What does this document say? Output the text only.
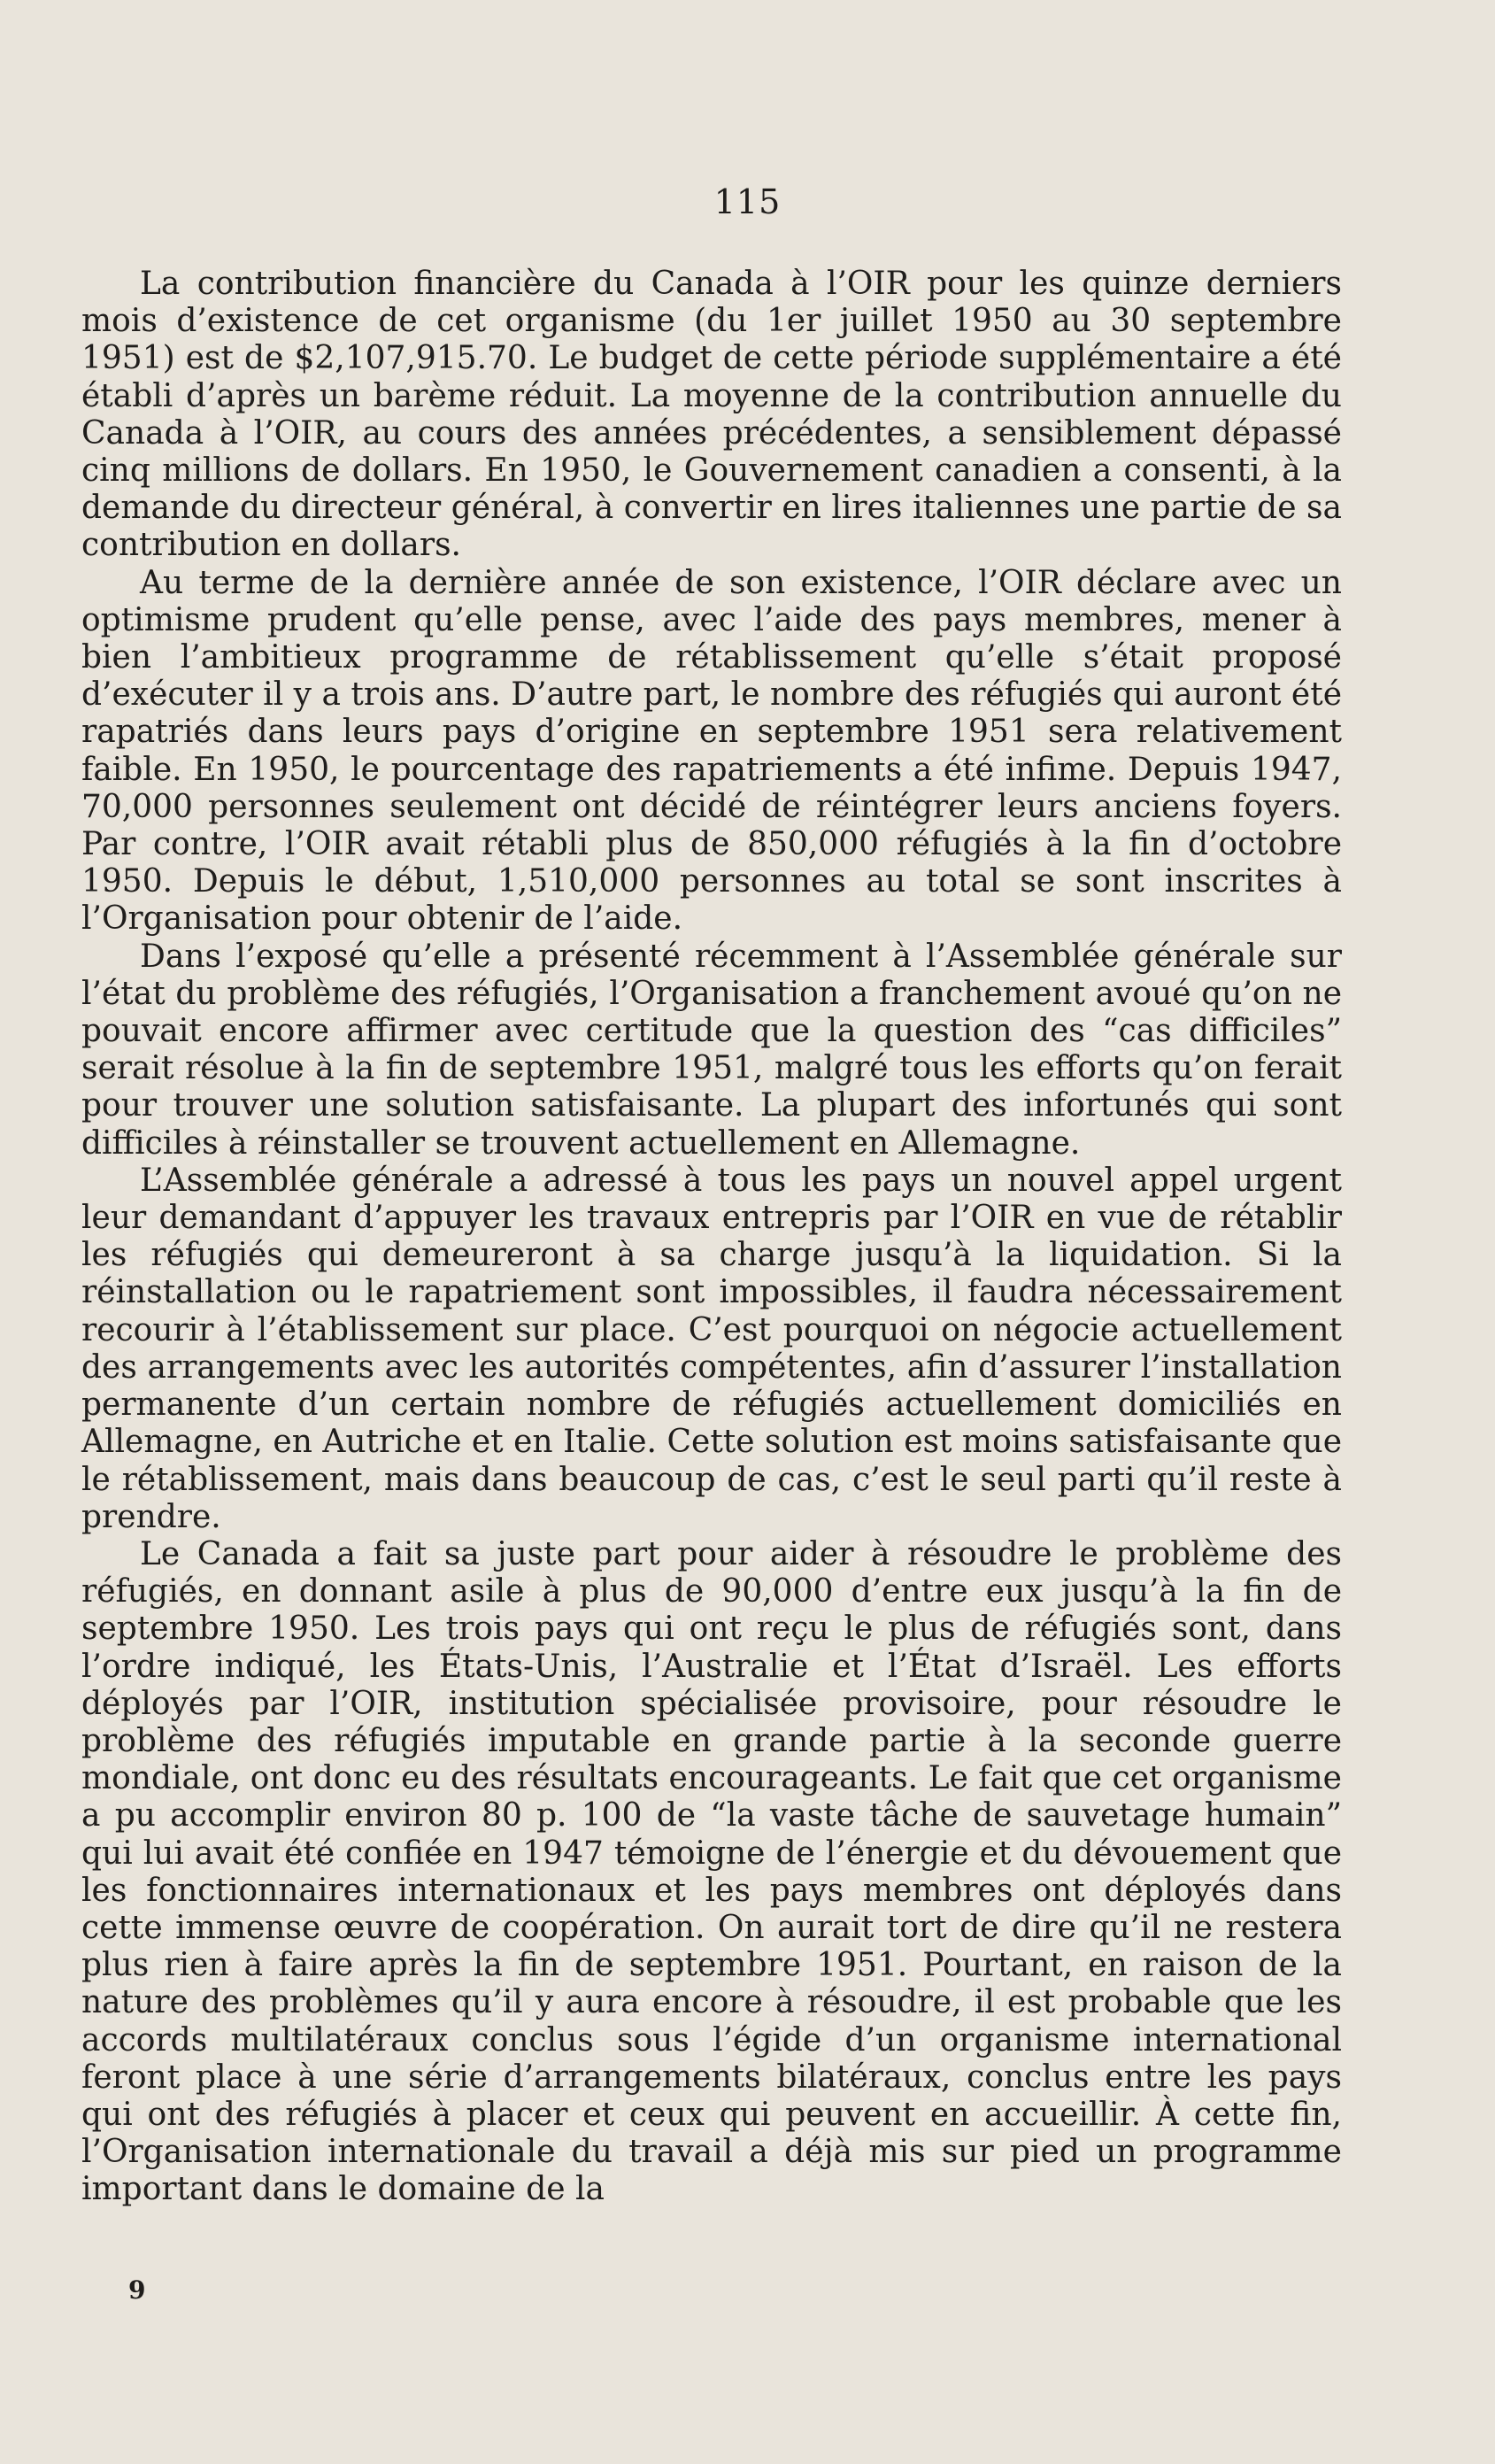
115

La contribution financière du Canada à l’OIR pour les quinze derniers mois d’existence de cet organisme (du 1er juillet 1950 au 30 septembre 1951) est de $2,107,915.70. Le budget de cette période supplémentaire a été établi d’après un barème réduit. La moyenne de la contribution annuelle du Canada à l’OIR, au cours des années précédentes, a sensiblement dépassé cinq millions de dollars. En 1950, le Gouvernement canadien a consenti, à la demande du directeur général, à convertir en lires italiennes une partie de sa contribution en dollars.

Au terme de la dernière année de son existence, l’OIR déclare avec un optimisme prudent qu’elle pense, avec l’aide des pays membres, mener à bien l’ambitieux programme de rétablissement qu’elle s’était proposé d’exécuter il y a trois ans. D’autre part, le nombre des réfugiés qui auront été rapatriés dans leurs pays d’origine en septembre 1951 sera relativement faible. En 1950, le pourcentage des rapatriements a été infime. Depuis 1947, 70,000 personnes seulement ont décidé de réintégrer leurs anciens foyers. Par contre, l’OIR avait rétabli plus de 850,000 réfugiés à la fin d’octobre 1950. Depuis le début, 1,510,000 personnes au total se sont inscrites à l’Organisation pour obtenir de l’aide.

Dans l’exposé qu’elle a présenté récemment à l’Assemblée générale sur l’état du problème des réfugiés, l’Organisation a franchement avoué qu’on ne pouvait encore affirmer avec certitude que la question des “cas difficiles” serait résolue à la fin de septembre 1951, malgré tous les efforts qu’on ferait pour trouver une solution satisfaisante. La plupart des infortunés qui sont difficiles à réinstaller se trouvent actuellement en Allemagne.

L’Assemblée générale a adressé à tous les pays un nouvel appel urgent leur demandant d’appuyer les travaux entrepris par l’OIR en vue de rétablir les réfugiés qui demeureront à sa charge jusqu’à la liquidation. Si la réinstallation ou le rapatriement sont impossibles, il faudra nécessairement recourir à l’établissement sur place. C’est pourquoi on négocie actuellement des arrangements avec les autorités compétentes, afin d’assurer l’installation permanente d’un certain nombre de réfugiés actuellement domiciliés en Allemagne, en Autriche et en Italie. Cette solution est moins satisfaisante que le rétablissement, mais dans beaucoup de cas, c’est le seul parti qu’il reste à prendre.

Le Canada a fait sa juste part pour aider à résoudre le problème des réfugiés, en donnant asile à plus de 90,000 d’entre eux jusqu’à la fin de septembre 1950. Les trois pays qui ont reçu le plus de réfugiés sont, dans l’ordre indiqué, les États-Unis, l’Australie et l’État d’Israël. Les efforts déployés par l’OIR, institution spécialisée provisoire, pour résoudre le problème des réfugiés imputable en grande partie à la seconde guerre mondiale, ont donc eu des résultats encourageants. Le fait que cet organisme a pu accomplir environ 80 p. 100 de “la vaste tâche de sauvetage humain” qui lui avait été confiée en 1947 témoigne de l’énergie et du dévouement que les fonctionnaires internationaux et les pays membres ont déployés dans cette immense œuvre de coopération. On aurait tort de dire qu’il ne restera plus rien à faire après la fin de septembre 1951. Pourtant, en raison de la nature des problèmes qu’il y aura encore à résoudre, il est probable que les accords multilatéraux conclus sous l’égide d’un organisme international feront place à une série d’arrangements bilatéraux, conclus entre les pays qui ont des réfugiés à placer et ceux qui peuvent en accueillir. À cette fin, l’Organisation internationale du travail a déjà mis sur pied un programme important dans le domaine de la

9
